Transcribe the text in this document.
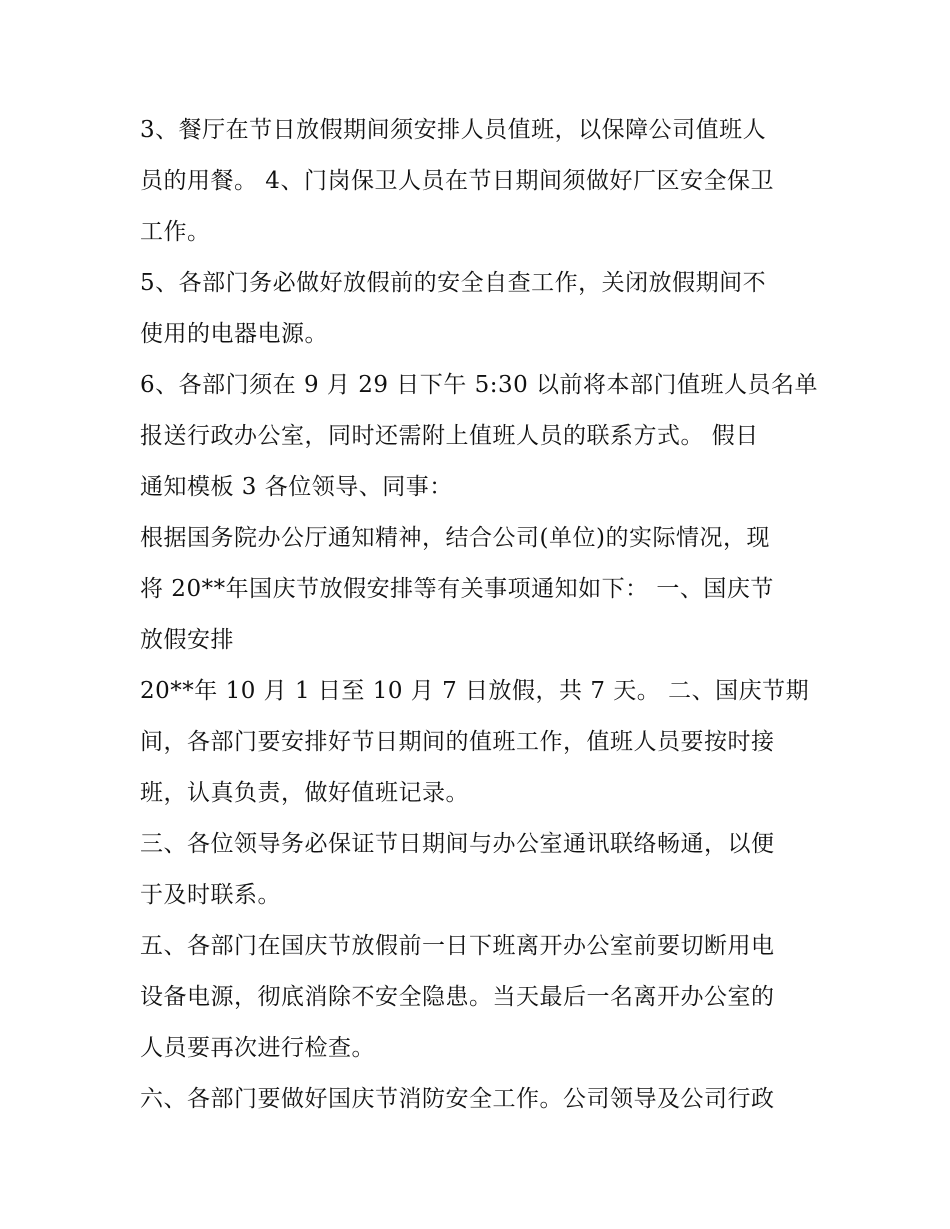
3、餐厅在节日放假期间须安排人员值班，以保障公司值班人
员的用餐。 4、门岗保卫人员在节日期间须做好厂区安全保卫
工作。
5、各部门务必做好放假前的安全自查工作，关闭放假期间不
使用的电器电源。
6、各部门须在 9 月 29 日下午 5:30 以前将本部门值班人员名单
报送行政办公室，同时还需附上值班人员的联系方式。 假日
通知模板 3 各位领导、同事：
根据国务院办公厅通知精神，结合公司(单位)的实际情况，现
将 20**年国庆节放假安排等有关事项通知如下： 一、国庆节
放假安排
20**年 10 月 1 日至 10 月 7 日放假，共 7 天。 二、国庆节期
间，各部门要安排好节日期间的值班工作，值班人员要按时接
班，认真负责，做好值班记录。
三、各位领导务必保证节日期间与办公室通讯联络畅通，以便
于及时联系。
五、各部门在国庆节放假前一日下班离开办公室前要切断用电
设备电源，彻底消除不安全隐患。当天最后一名离开办公室的
人员要再次进行检查。
六、各部门要做好国庆节消防安全工作。公司领导及公司行政
